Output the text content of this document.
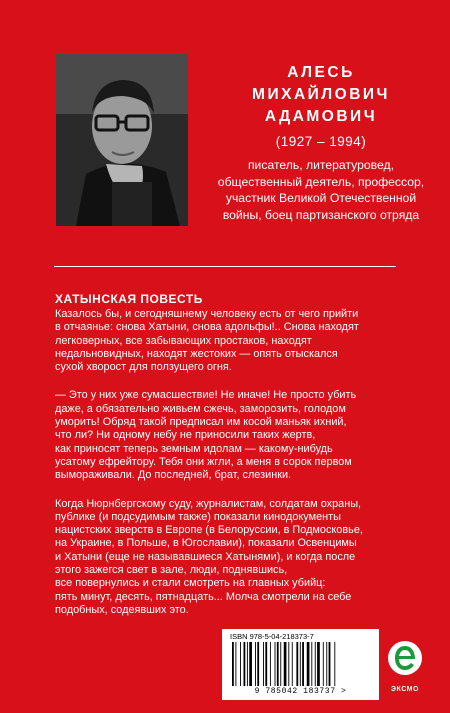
АЛЕСЬ
МИХАЙЛОВИЧ
АДАМОВИЧ
(1927 – 1994)
писатель, литературовед,
общественный деятель, профессор,
участник Великой Отечественной
войны, боец партизанского отряда
ХАТЫНСКАЯ ПОВЕСТЬ

Казалось бы, и сегодняшнему человеку есть от чего прийти
в отчаянье: снова Хатыни, снова адольфы!.. Снова находят
легковерных, все забывающих простаков, находят
недальновидных, находят жестоких — опять отыскался
сухой хворост для ползущего огня.

— Это у них уже сумасшествие! Не иначе! Не просто убить
даже, а обязательно живьем сжечь, заморозить, голодом
уморить! Обряд такой предписал им косой маньяк ихний,
что ли? Ни одному небу не приносили таких жертв,
как приносят теперь земным идолам — какому-нибудь
усатому ефрейтору. Тебя они жгли, а меня в сорок первом
вымораживали. До последней, брат, слезинки.

Когда Нюрнбергскому суду, журналистам, солдатам охраны,
публике (и подсудимым также) показали кинодокументы
нацистских зверств в Европе (в Белоруссии, в Подмосковье,
на Украине, в Польше, в Югославии), показали Освенцимы
и Хатыни (еще не называвшиеся Хатынями), и когда после
этого зажегся свет в зале, люди, поднявшись,
все повернулись и стали смотреть на главных убийц:
пять минут, десять, пятнадцать... Молча смотрели на себе
подобных, содеявших это.

ISBN 978-5-04-218373-7
9 785042 183737 >	ЭКСМО
